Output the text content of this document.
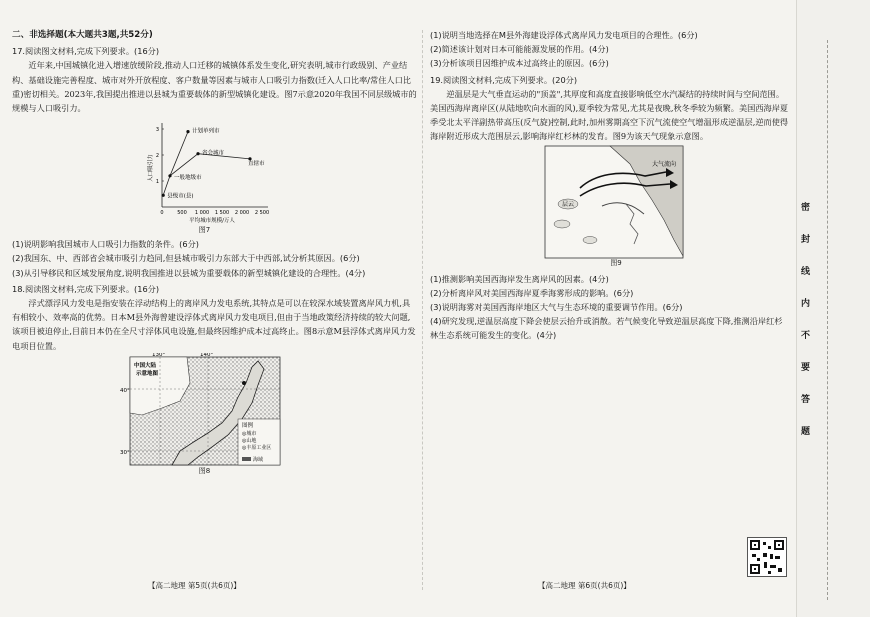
二、非选择题(本大题共3题,共52分)
17.阅读图文材料,完成下列要求。(16分)
近年来,中国城镇化进入增速放缓阶段,推动人口迁移的城镇体系发生变化,研究表明,城市行政级别、产业结构、基础设施完善程度、城市对外开放程度、客户数量等因素与城市人口吸引力指数(迁入人口比率/常住人口比重)密切相关。2023年,我国提出推进以县城为重要载体的新型城镇化建设。图7示意2020年我国不同层级城市的规模与人口吸引力。
0	500 1 000 1 500 2 000 2 500
1
2
3
平均城市规模/万人
人口吸引力
县级市(县)
一般地级市
计划单列市
省会城市
直辖市
图7
(1)说明影响我国城市人口吸引力指数的条件。(6分)
(2)我国东、中、西部省会城市吸引力趋同,但县城市吸引力东部大于中西部,试分析其原因。(6分)
(3)从引导移民和区域发展角度,说明我国推进以县城为重要载体的新型城镇化建设的合理性。(4分)
18.阅读图文材料,完成下列要求。(16分)
浮式漂浮风力发电是指安装在浮动结构上的离岸风力发电系统,其特点是可以在较深水域装置离岸风力机,具有相较小、效率高的优势。日本M县外海曾建设浮体式离岸风力发电项目,但由于当地政策经济持续的较大问题,该项目被迫停止,目前日本仍在全尺寸浮体风电设施,但最终因维护成本过高终止。图8示意M县浮体式离岸风力发电项目位置。
130°	140°
40°
30°
中国大陆
示意地图
图例
◎城市
◎山地
◎丰原工业区
海域
图8
(1)说明当地选择在M县外海建设浮体式离岸风力发电项目的合理性。(6分)
(2)简述该计划对日本可能能源发展的作用。(4分)
(3)分析该项目因维护成本过高终止的原因。(6分)
19.阅读图文材料,完成下列要求。(20分)
逆温层是大气垂直运动的"顶盖",其厚度和高度直接影响低空水汽凝结的持续时间与空间范围。美国西海岸离岸区(从陆地吹向水面的风),夏季较为常见,尤其是夜晚,秋冬季较为频繁。美国西海岸夏季受北太平洋副热带高压(反气旋)控制,此时,加州雾期高空下沉气流使空气增温形成逆温层,逆而使得海岸附近形成大范围层云,影响海岸红杉林的发育。图9为该天气现象示意图。
层云
大气流向
图9
(1)推测影响美国西海岸发生离岸风的因素。(4分)
(2)分析离岸风对美国西海岸夏季海雾形成的影响。(6分)
(3)说明海雾对美国西海岸地区大气与生态环境的重要调节作用。(6分)
(4)研究发现,逆温层高度下降会使层云抬升或消散。若气候变化导致逆温层高度下降,推测沿岸红杉林生态系统可能发生的变化。(4分)
【高二地理 第5页(共6页)】	【高二地理 第6页(共6页)】
密
封
线
内
不
要
答
题
